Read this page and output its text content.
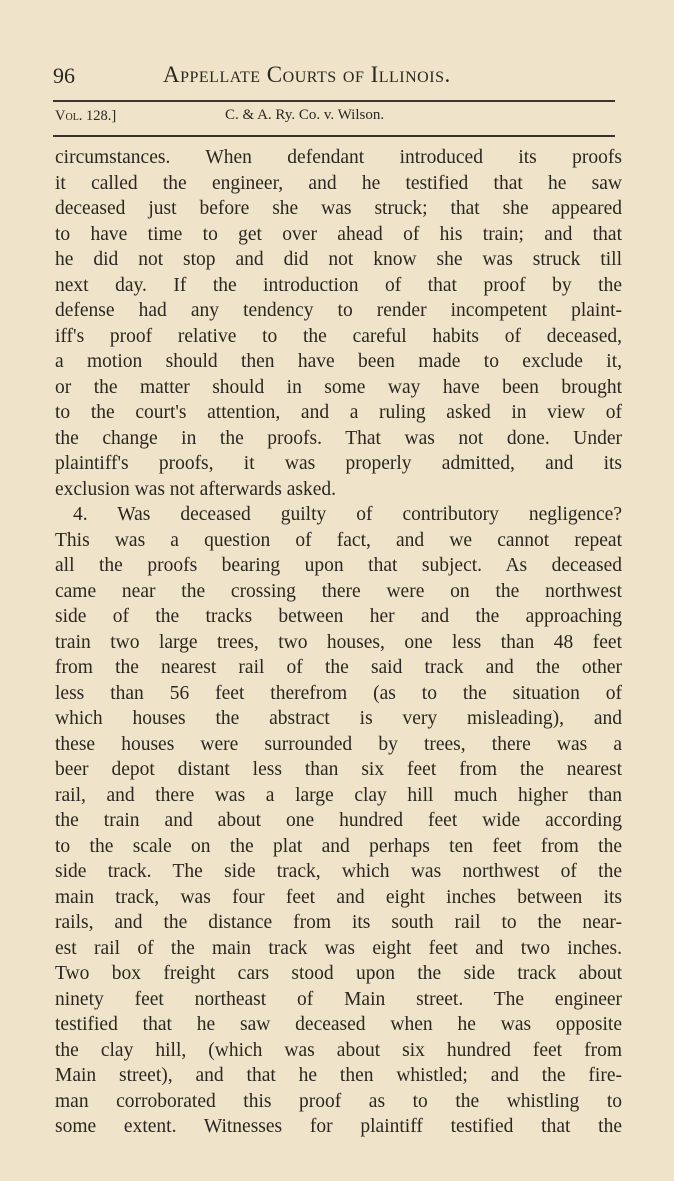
96	Appellate Courts of Illinois.
Vol. 128.]	C. & A. Ry. Co. v. Wilson.
circumstances. When defendant introduced its proofs
it called the engineer, and he testified that he saw
deceased just before she was struck; that she appeared
to have time to get over ahead of his train; and that
he did not stop and did not know she was struck till
next day. If the introduction of that proof by the
defense had any tendency to render incompetent plaint-
iff's proof relative to the careful habits of deceased,
a motion should then have been made to exclude it,
or the matter should in some way have been brought
to the court's attention, and a ruling asked in view of
the change in the proofs. That was not done. Under
plaintiff's proofs, it was properly admitted, and its
exclusion was not afterwards asked.
4. Was deceased guilty of contributory negligence?
This was a question of fact, and we cannot repeat
all the proofs bearing upon that subject. As deceased
came near the crossing there were on the northwest
side of the tracks between her and the approaching
train two large trees, two houses, one less than 48 feet
from the nearest rail of the said track and the other
less than 56 feet therefrom (as to the situation of
which houses the abstract is very misleading), and
these houses were surrounded by trees, there was a
beer depot distant less than six feet from the nearest
rail, and there was a large clay hill much higher than
the train and about one hundred feet wide according
to the scale on the plat and perhaps ten feet from the
side track. The side track, which was northwest of the
main track, was four feet and eight inches between its
rails, and the distance from its south rail to the near-
est rail of the main track was eight feet and two inches.
Two box freight cars stood upon the side track about
ninety feet northeast of Main street. The engineer
testified that he saw deceased when he was opposite
the clay hill, (which was about six hundred feet from
Main street), and that he then whistled; and the fire-
man corroborated this proof as to the whistling to
some extent. Witnesses for plaintiff testified that the
